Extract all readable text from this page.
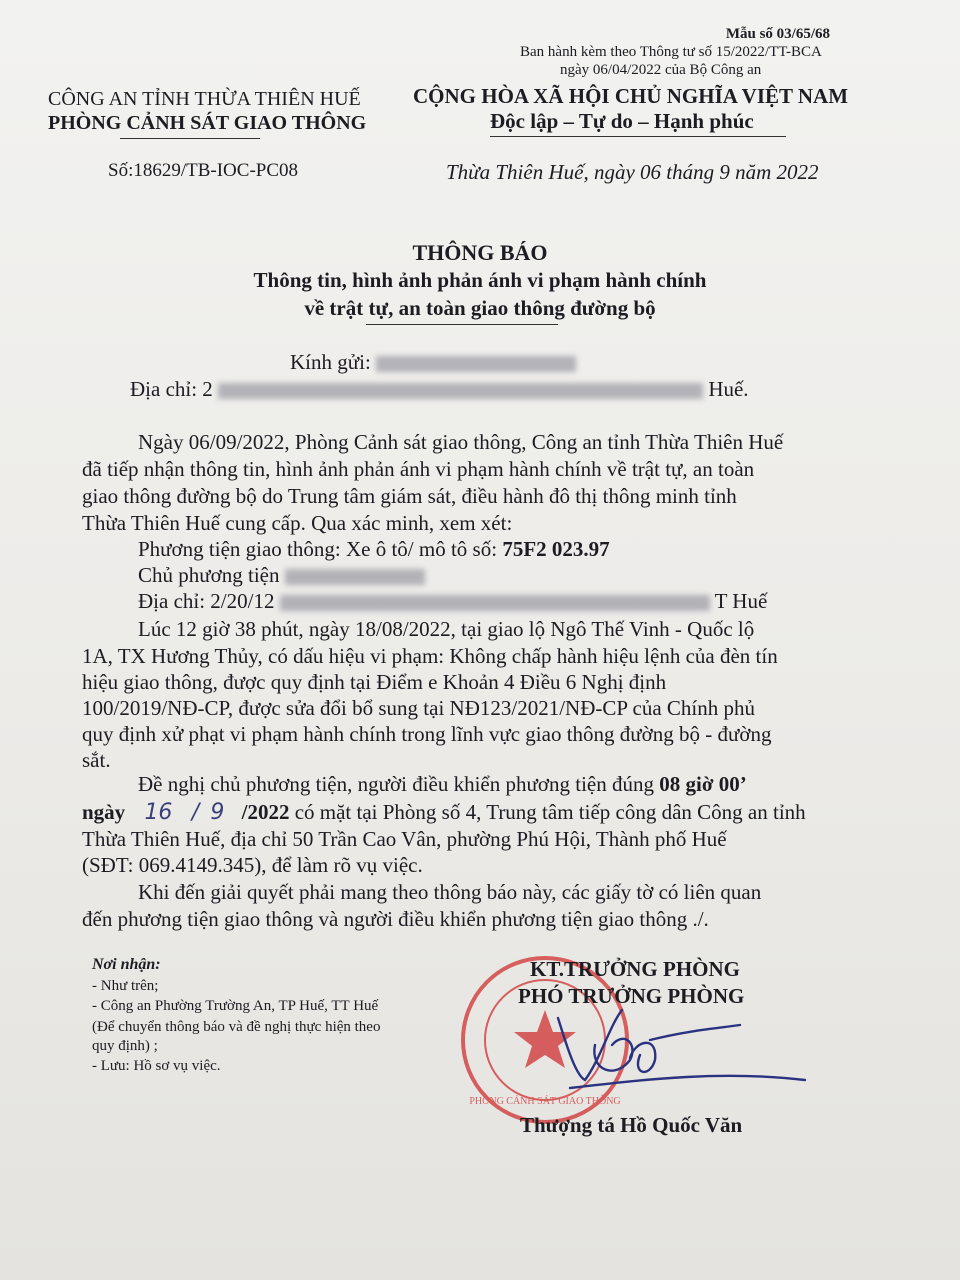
Mẫu số 03/65/68
Ban hành kèm theo Thông tư số 15/2022/TT-BCA
ngày 06/04/2022 của Bộ Công an
CÔNG AN TỈNH THỪA THIÊN HUẾ
PHÒNG CẢNH SÁT GIAO THÔNG
CỘNG HÒA XÃ HỘI CHỦ NGHĨA VIỆT NAM
Độc lập – Tự do – Hạnh phúc
Số:18629/TB-IOC-PC08	Thừa Thiên Huế, ngày 06 tháng 9 năm 2022
THÔNG BÁO
Thông tin, hình ảnh phản ánh vi phạm hành chính
về trật tự, an toàn giao thông đường bộ
Kính gửi:
Địa chỉ: 2	Huế.
Ngày 06/09/2022, Phòng Cảnh sát giao thông, Công an tỉnh Thừa Thiên Huế
đã tiếp nhận thông tin, hình ảnh phản ánh vi phạm hành chính về trật tự, an toàn
giao thông đường bộ do Trung tâm giám sát, điều hành đô thị thông minh tỉnh
Thừa Thiên Huế cung cấp. Qua xác minh, xem xét:
Phương tiện giao thông: Xe ô tô/ mô tô số: 75F2 023.97
Chủ phương tiện
Địa chỉ: 2/20/12	T Huế
Lúc 12 giờ 38 phút, ngày 18/08/2022, tại giao lộ Ngô Thế Vinh - Quốc lộ
1A, TX Hương Thủy, có dấu hiệu vi phạm: Không chấp hành hiệu lệnh của đèn tín
hiệu giao thông, được quy định tại Điểm e Khoản 4 Điều 6 Nghị định
100/2019/NĐ-CP, được sửa đổi bổ sung tại NĐ123/2021/NĐ-CP của Chính phủ
quy định xử phạt vi phạm hành chính trong lĩnh vực giao thông đường bộ - đường
sắt.
Đề nghị chủ phương tiện, người điều khiển phương tiện đúng 08 giờ 00’
ngày 16 / 9 /2022 có mặt tại Phòng số 4, Trung tâm tiếp công dân Công an tỉnh
Thừa Thiên Huế, địa chỉ 50 Trần Cao Vân, phường Phú Hội, Thành phố Huế
(SĐT: 069.4149.345), để làm rõ vụ việc.
Khi đến giải quyết phải mang theo thông báo này, các giấy tờ có liên quan
đến phương tiện giao thông và người điều khiển phương tiện giao thông ./.
Nơi nhận:
- Như trên;
- Công an Phường Trường An, TP Huế, TT Huế
(Để chuyển thông báo và đề nghị thực hiện theo
quy định) ;
- Lưu: Hồ sơ vụ việc.
PHÒNG CẢNH SÁT GIAO THÔNG
KT.TRƯỞNG PHÒNG
PHÓ TRƯỞNG PHÒNG
Thượng tá Hồ Quốc Văn
